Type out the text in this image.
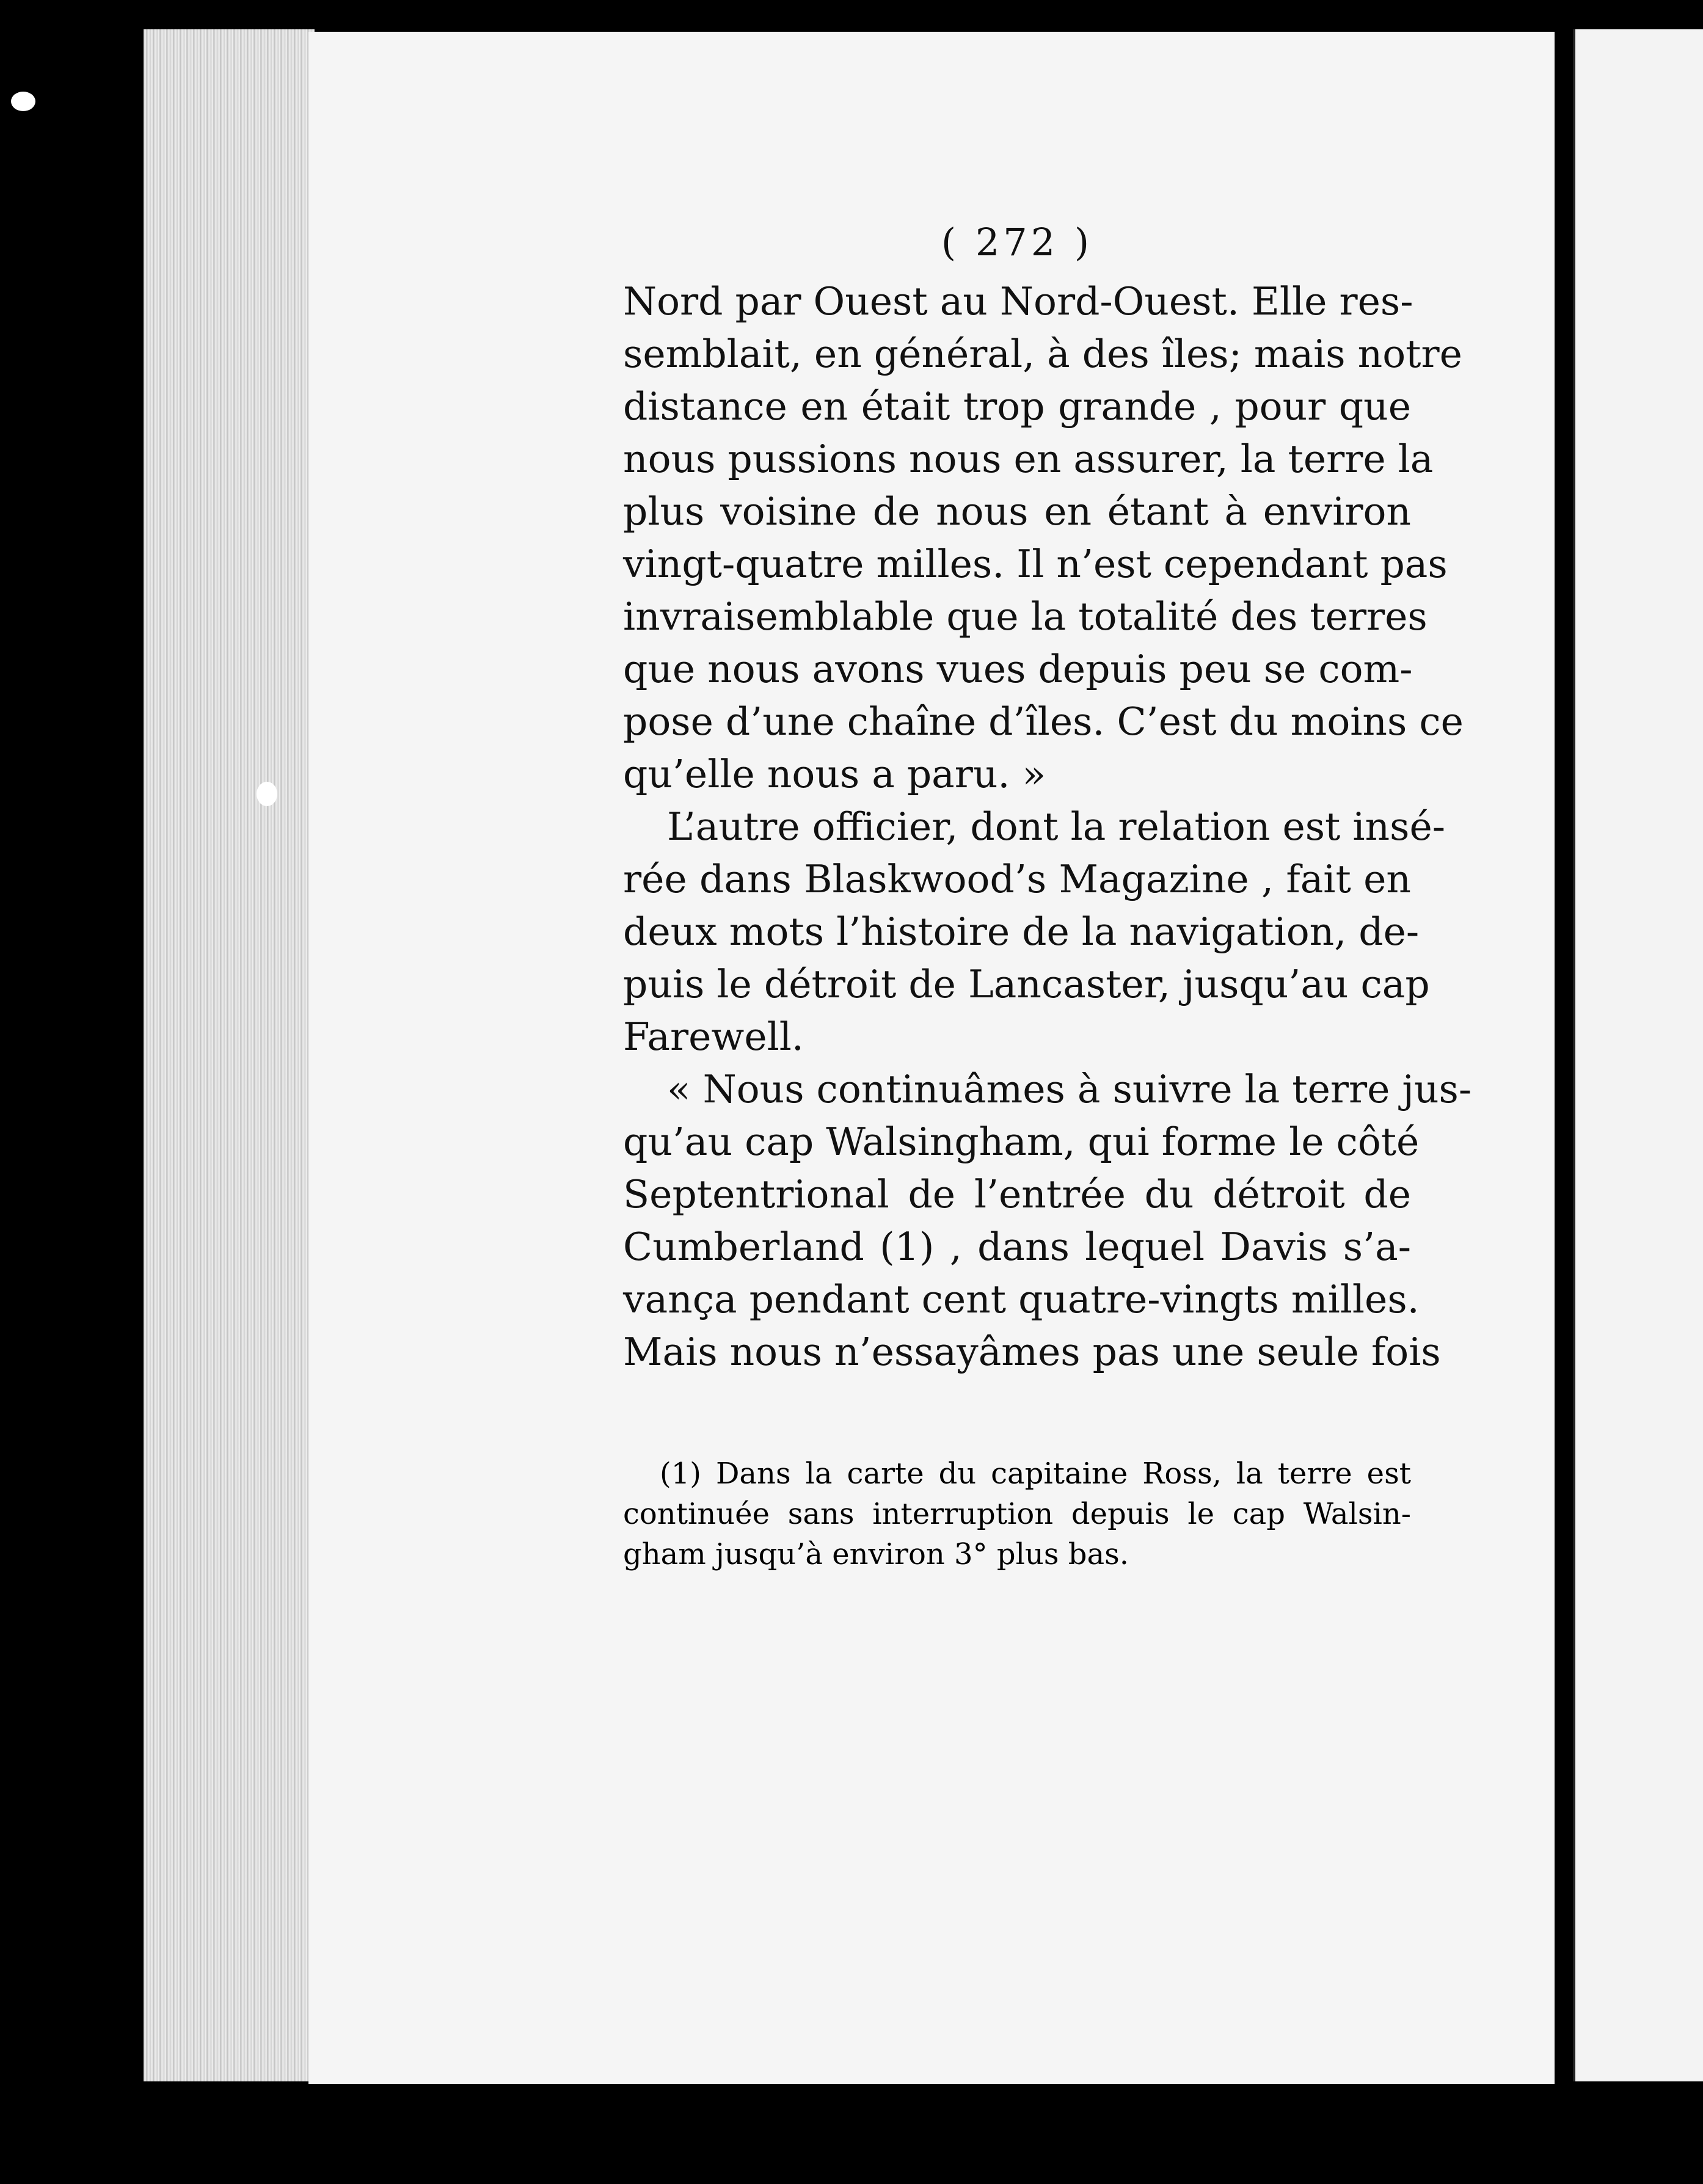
( 272 )
Nord par Ouest au Nord-Ouest. Elle res-
semblait, en général, à des îles; mais notre
distance en était trop grande , pour que
nous pussions nous en assurer, la terre la
plus voisine de nous en étant à environ
vingt-quatre milles. Il n’est cependant pas
invraisemblable que la totalité des terres
que nous avons vues depuis peu se com-
pose d’une chaîne d’îles. C’est du moins ce
qu’elle nous a paru. »
L’autre officier, dont la relation est insé-
rée dans Blaskwood’s Magazine , fait en
deux mots l’histoire de la navigation, de-
puis le détroit de Lancaster, jusqu’au cap
Farewell.
« Nous continuâmes à suivre la terre jus-
qu’au cap Walsingham, qui forme le côté
Septentrional de l’entrée du détroit de
Cumberland (1) , dans lequel Davis s’a-
vança pendant cent quatre-vingts milles.
Mais nous n’essayâmes pas une seule fois
(1) Dans la carte du capitaine Ross, la terre est
continuée sans interruption depuis le cap Walsin-
gham jusqu’à environ 3° plus bas.
